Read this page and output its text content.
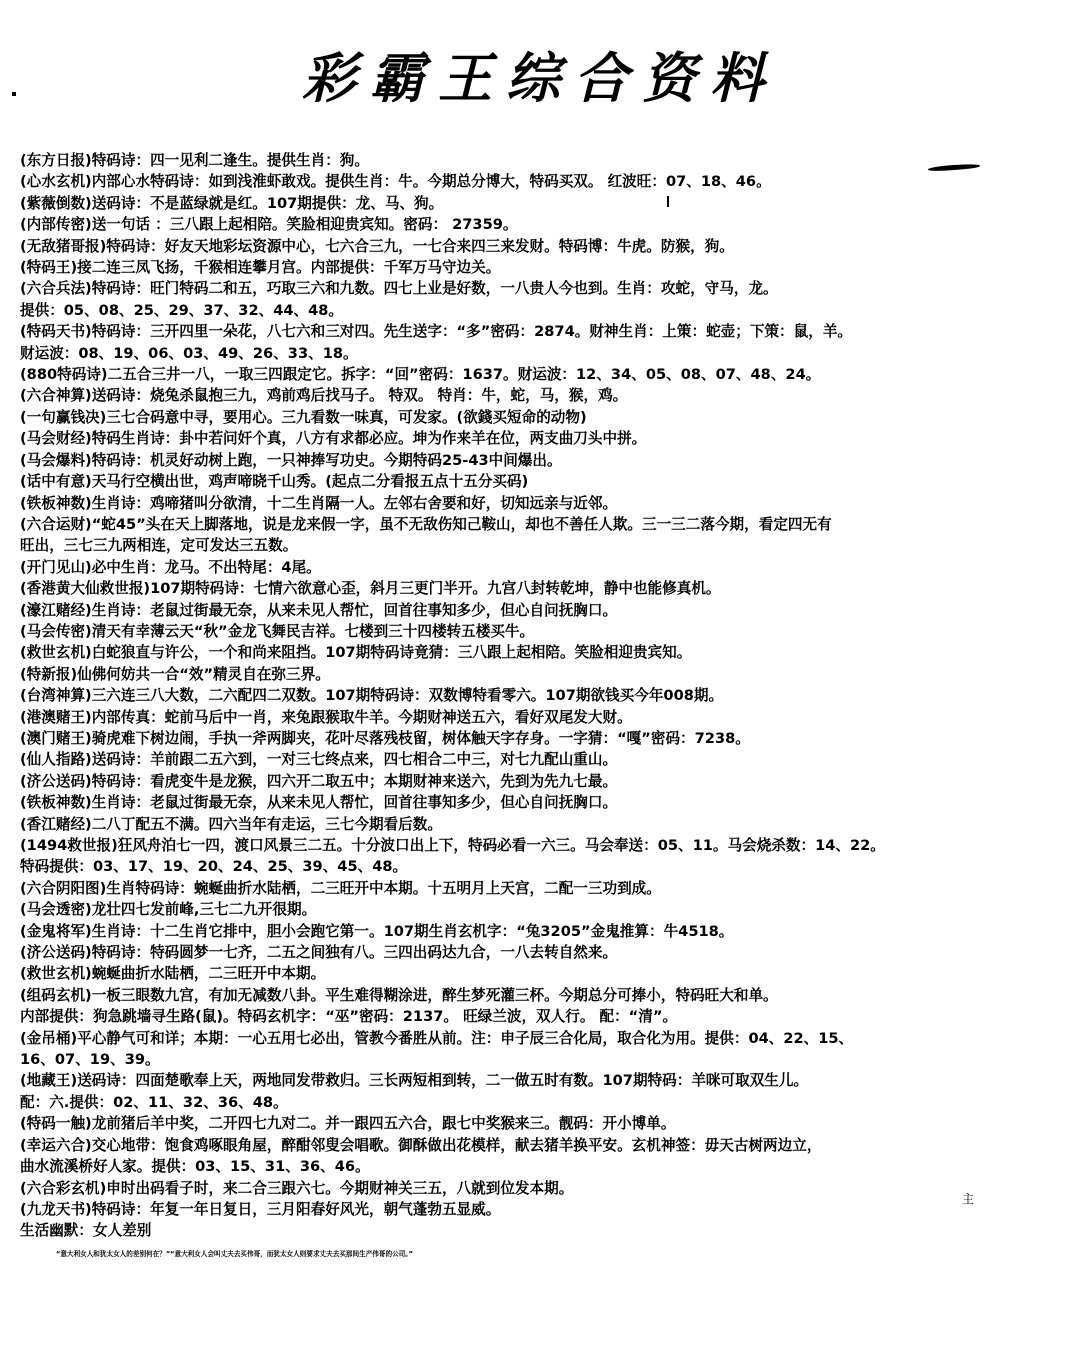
彩霸王综合资料
(东方日报)特码诗：四一见利二逢生。提供生肖：狗。
(心水玄机)内部心水特码诗：如到浅淮虾敢戏。提供生肖：牛。今期总分博大，特码买双。 红波旺：07、18、46。
(紫薇倒数)送码诗：不是蓝绿就是红。107期提供：龙、马、狗。
(内部传密)送一句话 ：三八跟上起相陪。笑脸相迎贵宾知。密码： 27359。
(无敌猪哥报)特码诗：好友天地彩坛资源中心，七六合三九，一七合来四三来发财。特码博：牛虎。防猴，狗。
(特码王)接二连三凤飞扬，千猴相连攀月宫。内部提供：千军万马守边关。
(六合兵法)特码诗：旺门特码二和五，巧取三六和九数。四七上业是好数，一八贵人今也到。生肖：攻蛇，守马，龙。
提供：05、08、25、29、37、32、44、48。
(特码天书)特码诗：三开四里一朵花，八七六和三对四。先生送字：“多”密码：2874。财神生肖：上策：蛇壶；下策：鼠，羊。
财运波：08、19、06、03、49、26、33、18。
(880特码诗)二五合三井一八，一取三四跟定它。拆字：“回”密码：1637。财运波：12、34、05、08、07、48、24。
(六合神算)送码诗：烧兔杀鼠抱三九，鸡前鸡后找马子。 特双。 特肖：牛，蛇，马，猴，鸡。
(一句赢钱决)三七合码意中寻，要用心。三九看数一味真，可发家。(欲錢买短命的动物)
(马会财经)特码生肖诗：卦中若问奸个真，八方有求都必应。坤为作来羊在位，两支曲刀头中拼。
(马会爆料)特码诗：机灵好动树上跑，一只神捧写功史。今期特码25-43中间爆出。
(话中有意)天马行空横出世，鸡声啼晓千山秀。(起点二分看报五点十五分买码)
(铁板神数)生肖诗：鸡啼猪叫分欲清，十二生肖隔一人。左邻右舍要和好，切知远亲与近邻。
(六合运财)“蛇45”头在天上脚落地，说是龙来假一字，虽不无敌伤知己鞍山，却也不善任人欺。三一三二落今期，看定四无有
旺出，三七三九两相连，定可发达三五数。
(开门见山)必中生肖：龙马。不出特尾：4尾。
(香港黄大仙救世报)107期特码诗：七情六欲意心歪，斜月三更门半开。九宫八封转乾坤，静中也能修真机。
(濠江赌经)生肖诗：老鼠过街最无奈，从来未见人帮忙，回首往事知多少，但心自问抚胸口。
(马会传密)清天有幸薄云天“秋”金龙飞舞民吉祥。七楼到三十四楼转五楼买牛。
(救世玄机)白蛇狼直与许公，一个和尚来阻挡。107期特码诗竟猜：三八跟上起相陪。笑脸相迎贵宾知。
(特新报)仙佛何妨共一合“效”精灵自在弥三界。
(台湾神算)三六连三八大数，二六配四二双数。107期特码诗：双数博特看零六。107期欲钱买今年008期。
(港澳赌王)内部传真：蛇前马后中一肖，来兔跟猴取牛羊。今期财神送五六，看好双尾发大财。
(澳门赌王)骑虎难下树边闹，手执一斧两脚夹，花叶尽落残枝留，树体触天字存身。一字猜：“嘎”密码：7238。
(仙人指路)送码诗：羊前跟二五六到，一对三七终点来，四七相合二中三，对七九配山重山。
(济公送码)特码诗：看虎变牛是龙猴，四六开二取五中；本期财神来送六，先到为先九七最。
(铁板神数)生肖诗：老鼠过街最无奈，从来未见人帮忙，回首往事知多少，但心自问抚胸口。
(香江赌经)二八丁配五不满。四六当年有走运，三七今期看后数。
(1494救世报)狂风舟泊七一四，渡口风景三二五。十分波口出上下，特码必看一六三。马会奉送：05、11。马会烧杀数：14、22。
特码提供：03、17、19、20、24、25、39、45、48。
(六合阴阳图)生肖特码诗：蜿蜒曲折水陆栖，二三旺开中本期。十五明月上天宫，二配一三功到成。
(马会透密)龙壮四七发前峰,三七二九开很期。
(金鬼将军)生肖诗：十二生肖它排中，胆小会跑它第一。107期生肖玄机字：“兔3205”金鬼推算：牛4518。
(济公送码)特码诗：特码圆梦一七齐，二五之间独有八。三四出码达九合，一八去转自然来。
(救世玄机)蜿蜒曲折水陆栖，二三旺开中本期。
(组码玄机)一板三眼数九宫，有加无减数八卦。平生难得糊涂进，醉生梦死灌三杯。今期总分可捧小，特码旺大和单。
内部提供：狗急跳墙寻生路(鼠)。特码玄机字：“巫”密码：2137。 旺绿兰波，双人行。 配：“清”。
(金吊桶)平心静气可和详；本期：一心五用七必出，管教今番胜从前。注：申子辰三合化局，取合化为用。提供：04、22、15、
16、07、19、39。
(地藏王)送码诗：四面楚歌奉上天，两地同发带救归。三长两短相到转，二一做五时有数。107期特码：羊咪可取双生儿。
配：六.提供：02、11、32、36、48。
(特码一触)龙前猪后羊中奖，二开四七九对二。并一跟四五六合，跟七中奖猴来三。靓码：开小博单。
(幸运六合)交心地带：饱食鸡啄眼角屋，醉酣邻叟会唱歌。御酥做出花模样，献去猪羊换平安。玄机神签：毋天古树两边立，
曲水流溪桥好人家。提供：03、15、31、36、46。
(六合彩玄机)申时出码看子时，来二合三跟六七。今期财神关三五，八就到位发本期。
(九龙天书)特码诗：年复一年日复日，三月阳春好风光，朝气蓬勃五显威。
生活幽默：女人差别
“意大利女人和犹太女人的差别何在？”“意大利女人会叫丈夫去买伟哥，而犹太女人则要求丈夫去买那间生产伟哥的公司。”
主
